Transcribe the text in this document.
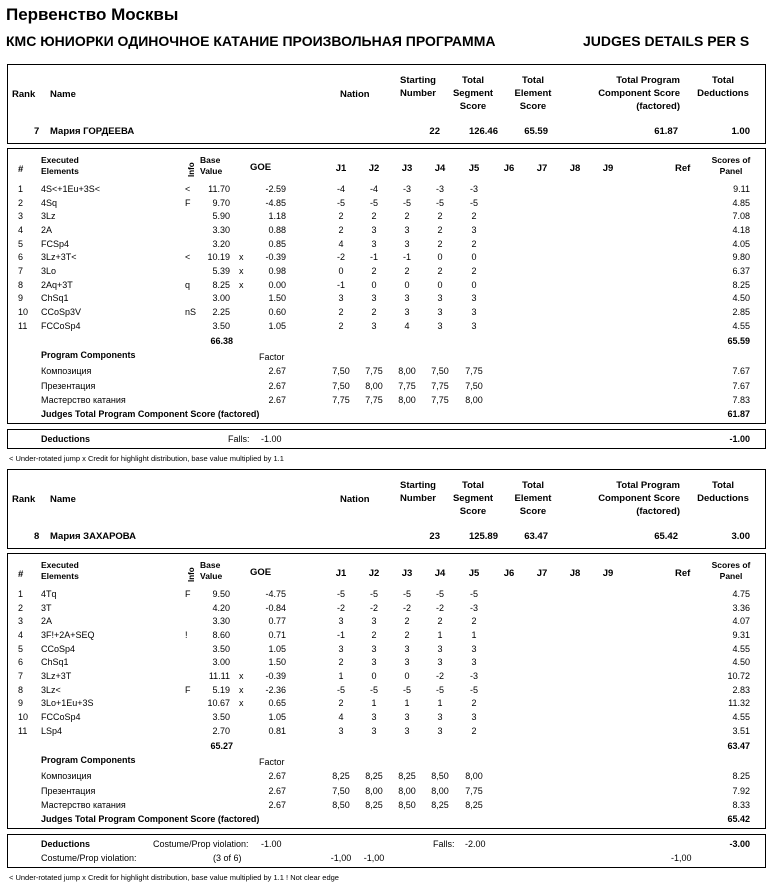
Первенство Москвы
КМС ЮНИОРКИ ОДИНОЧНОЕ КАТАНИЕ ПРОИЗВОЛЬНАЯ ПРОГРАММА	JUDGES DETAILS PER S
Rank	Name	Nation
Starting Number
Total Segment Score
Total Element Score
Total Program Component Score (factored)
Total Deductions
7 Мария ГОРДЕЕВА	22	126.46	65.59	61.87	1.00
#
Executed Elements	Info
Base Value	GOE	J1 J2 J3 J4 J5	J6 J7 J8 J9	Ref
Scores of Panel
1	4S<+1Eu+3S<	<	11.70	-2.59	-4	-4	-3	-3	-3	9.11
2	4Sq	F	9.70	-4.85	-5	-5	-5	-5	-5	4.85
3	3Lz	5.90	1.18	2	2	2	2	2	7.08
4	2A	3.30	0.88	2	3	3	2	3	4.18
5	FCSp4	3.20	0.85	4	3	3	2	2	4.05
6	3Lz+3T<	<	10.19 x	-0.39	-2	-1	-1	0	0	9.80
7	3Lo	5.39 x	0.98	0	2	2	2	2	6.37
8	2Aq+3T	q	8.25 x	0.00	-1	0	0	0	0	8.25
9	ChSq1	3.00	1.50	3	3	3	3	3	4.50
10 CCoSp3V	nS	2.25	0.60	2	2	3	3	3	2.85
11 FCCoSp4	3.50	1.05	2	3	4	3	3	4.55
66.38	65.59
Program Components	Factor
Композиция	2.67	7,50	7,75	8,00	7,50	7,75	7.67
Презентация	2.67	7,50	8,00	7,75	7,75	7,50	7.67
Мастерство катания	2.67	7,75	7,75	8,00	7,75	8,00	7.83
Judges Total Program Component Score (factored)	61.87
Deductions	Falls: -1.00	-1.00
< Under-rotated jump x Credit for highlight distribution, base value multiplied by 1.1
Rank	Name	Nation
Starting Number
Total Segment Score
Total Element Score
Total Program Component Score (factored)
Total Deductions
8 Мария ЗАХАРОВА	23	125.89	63.47	65.42	3.00
#
Executed Elements	Info
Base Value	GOE	J1 J2 J3 J4 J5	J6 J7 J8 J9	Ref
Scores of Panel
1	4Tq	F	9.50	-4.75	-5	-5	-5	-5	-5	4.75
2	3T	4.20	-0.84	-2	-2	-2	-2	-3	3.36
3	2A	3.30	0.77	3	3	2	2	2	4.07
4	3F!+2A+SEQ	!	8.60	0.71	-1	2	2	1	1	9.31
5	CCoSp4	3.50	1.05	3	3	3	3	3	4.55
6	ChSq1	3.00	1.50	2	3	3	3	3	4.50
7	3Lz+3T	11.11 x	-0.39	1	0	0	-2	-3	10.72
8	3Lz<	F	5.19 x	-2.36	-5	-5	-5	-5	-5	2.83
9	3Lo+1Eu+3S	10.67 x	0.65	2	1	1	1	2	11.32
10 FCCoSp4	3.50	1.05	4	3	3	3	3	4.55
11 LSp4	2.70	0.81	3	3	3	3	2	3.51
65.27	63.47
Program Components	Factor
Композиция	2.67	8,25	8,25	8,25	8,50	8,00	8.25
Презентация	2.67	7,50	8,00	8,00	8,00	7,75	7.92
Мастерство катания	2.67	8,50	8,25	8,50	8,25	8,25	8.33
Judges Total Program Component Score (factored)	65.42
Deductions	Costume/Prop violation: -1.00	Falls: -2.00
Costume/Prop violation:	(3 of 6)	-1,00	-1,00	-1,00
-3.00
< Under-rotated jump x Credit for highlight distribution, base value multiplied by 1.1 ! Not clear edge
